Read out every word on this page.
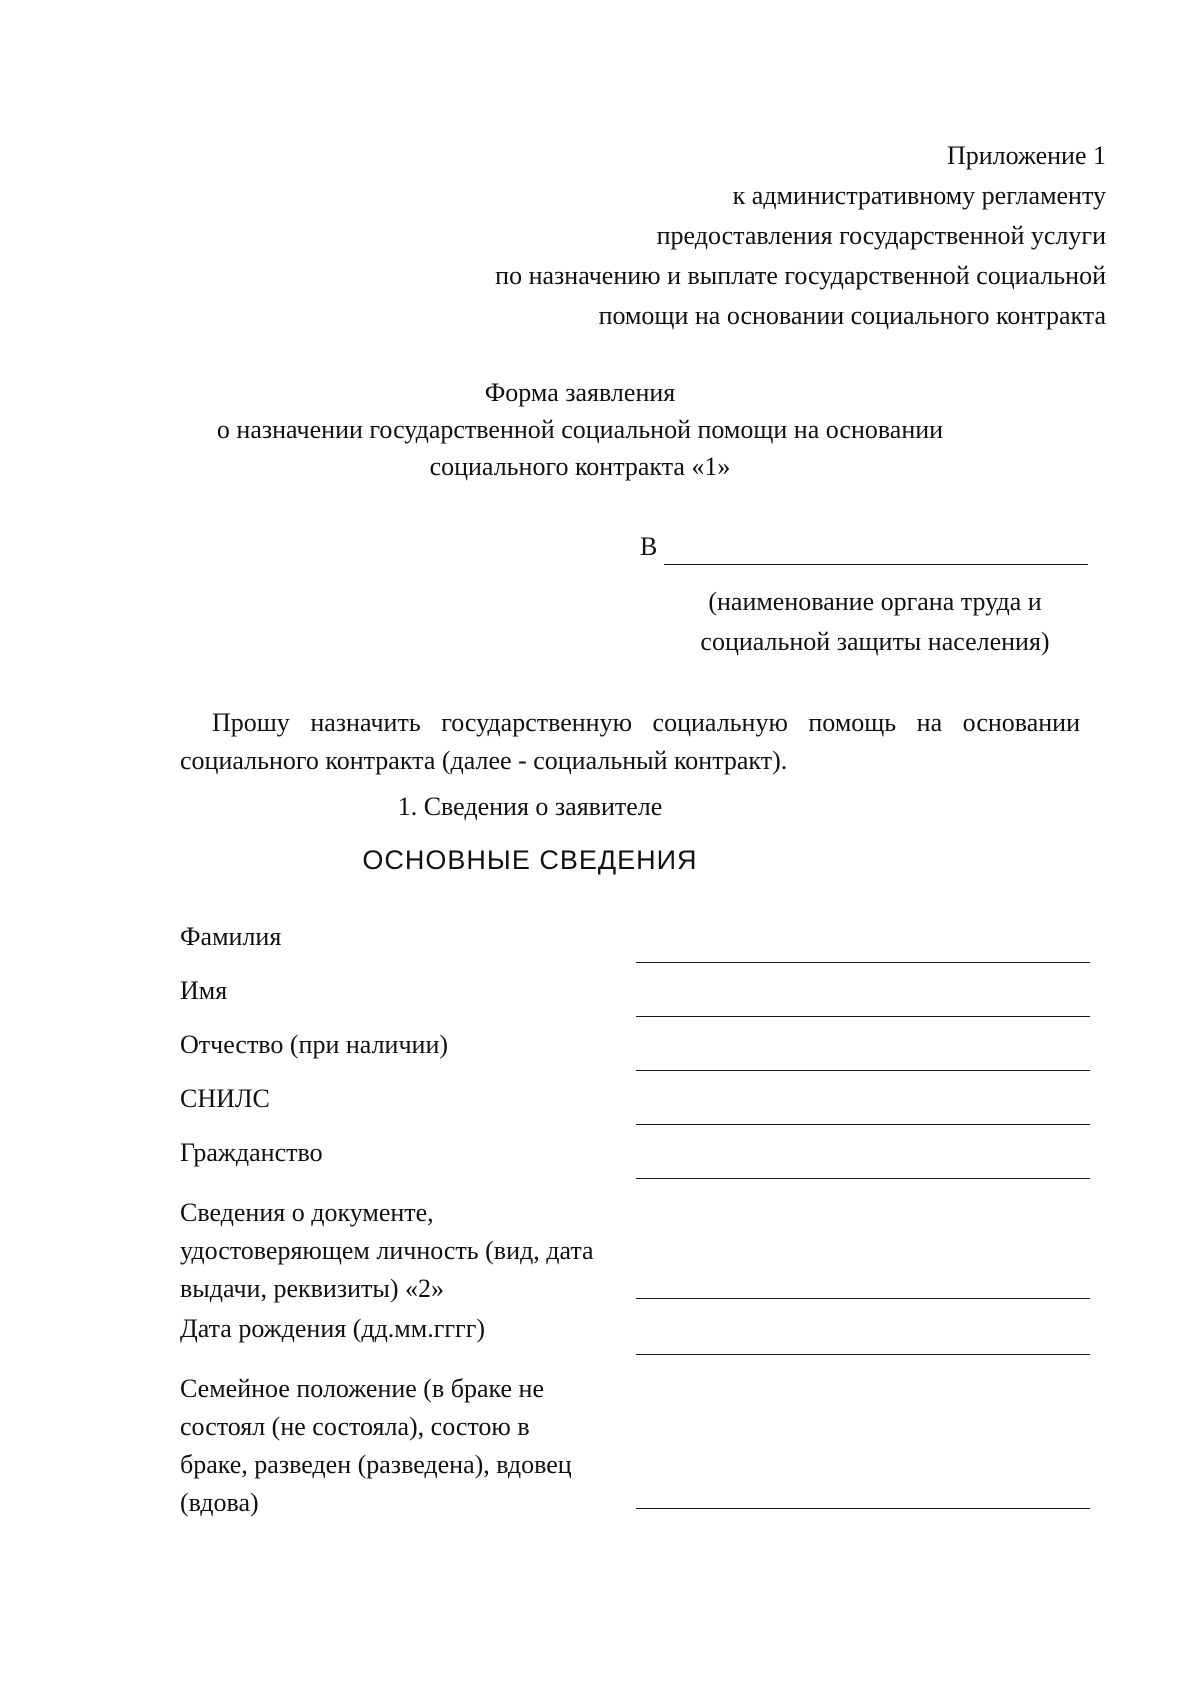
Приложение 1
к административному регламенту
предоставления государственной услуги
по назначению и выплате государственной социальной
помощи на основании социального контракта
Форма заявления
о назначении государственной социальной помощи на основании
социального контракта «1»
В
(наименование органа труда и
социальной защиты населения)
Прошу назначить государственную социальную помощь на основании социального контракта (далее - социальный контракт).
1. Сведения о заявителе
ОСНОВНЫЕ СВЕДЕНИЯ
Фамилия
Имя
Отчество (при наличии)
СНИЛС
Гражданство
Сведения о документе, удостоверяющем личность (вид, дата выдачи, реквизиты) «2»
Дата рождения (дд.мм.гггг)
Семейное положение (в браке не состоял (не состояла), состою в браке, разведен (разведена), вдовец (вдова)
